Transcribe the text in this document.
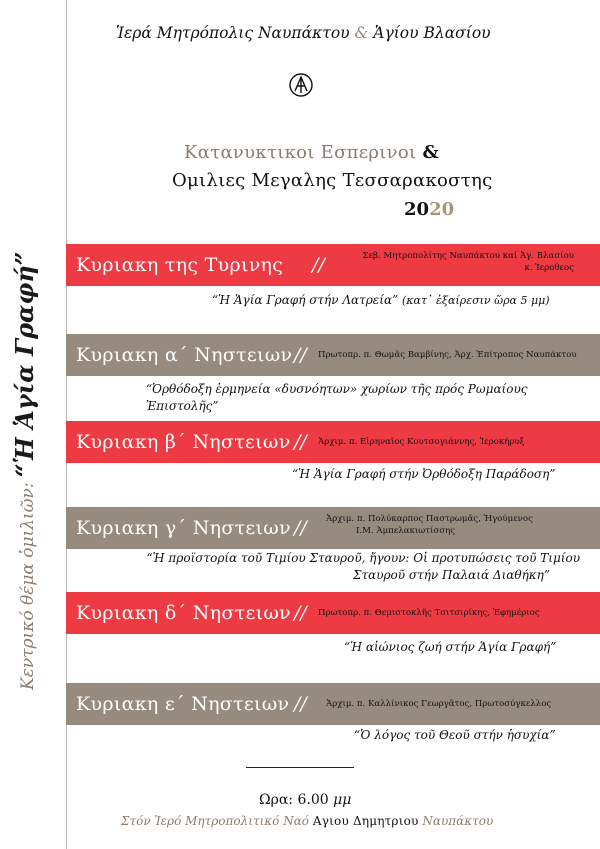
Κεντρικό θέμα ὁμιλιῶν: “Ἡ Ἁγία Γραφή”
Ἱερά Μητρόπολις Ναυπάκτου & Ἁγίου Βλασίου
Κατανυκτικοι Εσπερινοι &
Ομιλιες Μεγαλης Τεσσαρακοστης
2020
Κυριακη της Τυρινης //	Σεβ. Μητροπολίτης Ναυπάκτου καί Ἁγ. Βλασίου
κ. Ἱεροθεος
“Ἡ Ἁγία Γραφή στήν Λατρεία” (κατ᾽ ἐξαίρεσιν ὥρα 5 μμ)
Κυριακη α΄ Νηστειων // Πρωτοπρ. π. Θωμᾶς Βαμβίνης, Ἀρχ. Ἐπίτροπος Ναυπάκτου
“Ὀρθόδοξη ἑρμηνεία «δυσνόητων» χωρίων τῆς πρός Ρωμαίους Ἐπιστολῆς”
Κυριακη β΄ Νηστειων // Ἀρχιμ. π. Εἰρηναῖος Κουτσογιάννης, Ἱεροκήρυξ
“Ἡ Ἁγία Γραφή στήν Ὀρθόδοξη Παράδοση”
Κυριακη γ΄ Νηστειων // Ἀρχιμ. π. Πολύκαρπος Παστρωμᾶς, Ἡγούμενος
Ι.Μ. Ἀμπελακιωτίσσης
“Ἡ προϊστορία τοῦ Τιμίου Σταυροῦ, ἤγουν: Οἱ προτυπώσεις τοῦ Τιμίου
Σταυροῦ στήν Παλαιά Διαθήκη”
Κυριακη δ΄ Νηστειων // Πρωτοπρ. π. Θεμιστοκλῆς Τσιτσιρίκης, Ἐφημέριος
“Ἡ αἰώνιος ζωή στήν Ἁγία Γραφή”
Κυριακη ε΄ Νηστειων // Ἀρχιμ. π. Καλλίνικος Γεωργᾶτος, Πρωτοσύγκελλος
“Ὁ λόγος τοῦ Θεοῦ στήν ἡσυχία”
Ωρα: 6.00 μμ
Στόν Ἱερό Μητροπολιτικό Ναό Αγιου Δημητριου Ναυπάκτου
